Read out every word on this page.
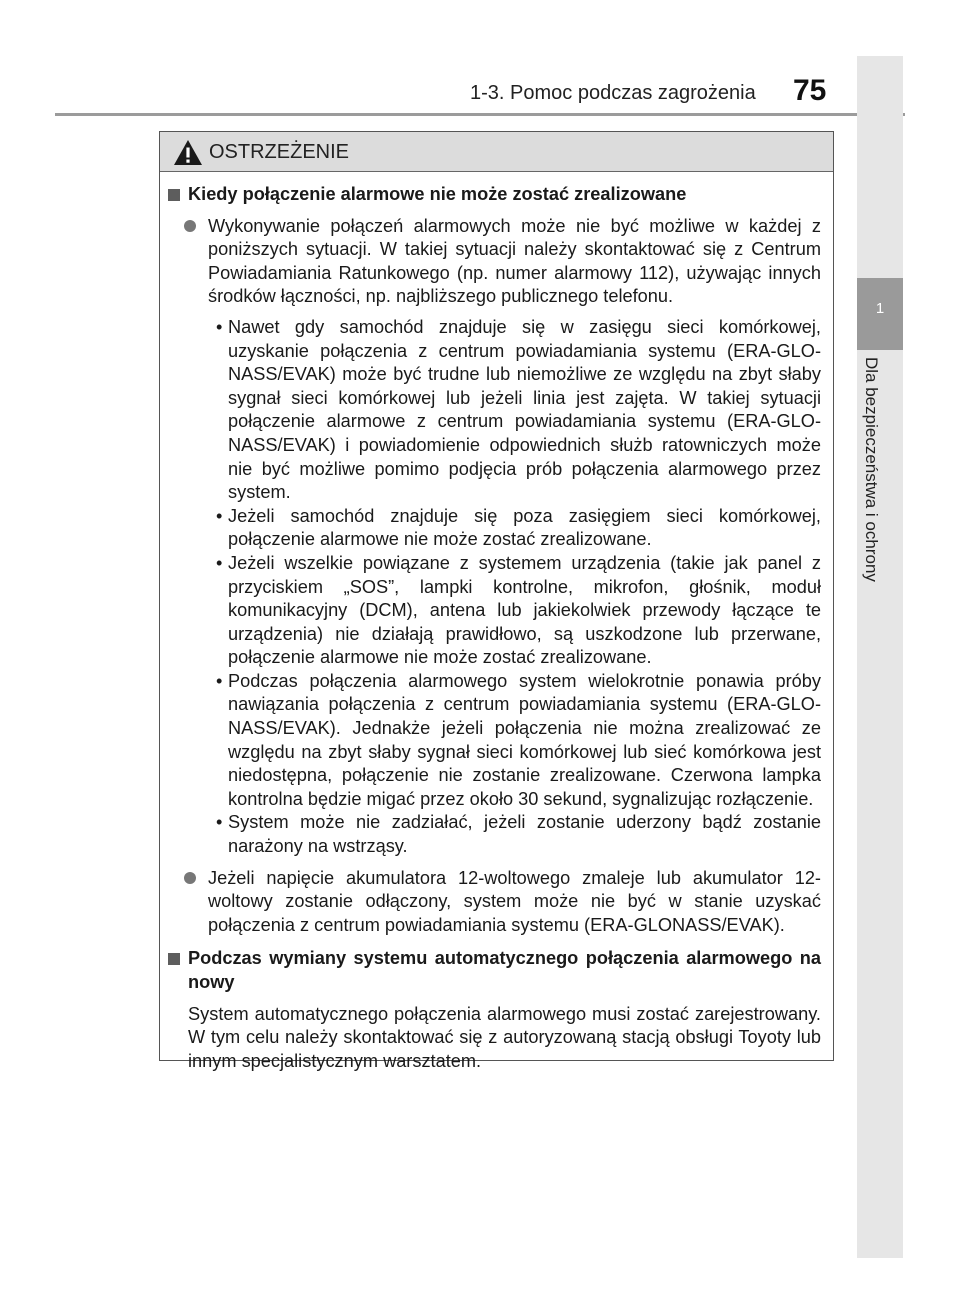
1-3. Pomoc podczas zagrożenia 75
1
Dla bezpieczeństwa i ochrony
OSTRZEŻENIE
Kiedy połączenie alarmowe nie może zostać zrealizowane
Wykonywanie połączeń alarmowych może nie być możliwe w każdej z poniższych sytuacji. W takiej sytuacji należy skontaktować się z Centrum Powiadamiania Ratunkowego (np. numer alarmowy 112), używając innych środków łączności, np. najbliższego publicznego telefonu.
• Nawet gdy samochód znajduje się w zasięgu sieci komórkowej, uzyskanie połączenia z centrum powiadamiania systemu (ERA-GLONASS/EVAK) może być trudne lub niemożliwe ze względu na zbyt słaby sygnał sieci komórkowej lub jeżeli linia jest zajęta. W takiej sytuacji połączenie alarmowe z centrum powiadamiania systemu (ERA-GLONASS/EVAK) i powiadomienie odpowiednich służb ratowniczych może nie być możliwe pomimo podjęcia prób połączenia alarmowego przez system.
• Jeżeli samochód znajduje się poza zasięgiem sieci komórkowej, połączenie alarmowe nie może zostać zrealizowane.
• Jeżeli wszelkie powiązane z systemem urządzenia (takie jak panel z przyciskiem „SOS”, lampki kontrolne, mikrofon, głośnik, moduł komunikacyjny (DCM), antena lub jakiekolwiek przewody łączące te urządzenia) nie działają prawidłowo, są uszkodzone lub przerwane, połączenie alarmowe nie może zostać zrealizowane.
• Podczas połączenia alarmowego system wielokrotnie ponawia próby nawiązania połączenia z centrum powiadamiania systemu (ERA-GLONASS/EVAK). Jednakże jeżeli połączenia nie można zrealizować ze względu na zbyt słaby sygnał sieci komórkowej lub sieć komórkowa jest niedostępna, połączenie nie zostanie zrealizowane. Czerwona lampka kontrolna będzie migać przez około 30 sekund, sygnalizując rozłączenie.
• System może nie zadziałać, jeżeli zostanie uderzony bądź zostanie narażony na wstrząsy.
Jeżeli napięcie akumulatora 12-woltowego zmaleje lub akumulator 12-woltowy zostanie odłączony, system może nie być w stanie uzyskać połączenia z centrum powiadamiania systemu (ERA-GLONASS/EVAK).
Podczas wymiany systemu automatycznego połączenia alarmowego na nowy
System automatycznego połączenia alarmowego musi zostać zarejestrowany. W tym celu należy skontaktować się z autoryzowaną stacją obsługi Toyoty lub innym specjalistycznym warsztatem.
